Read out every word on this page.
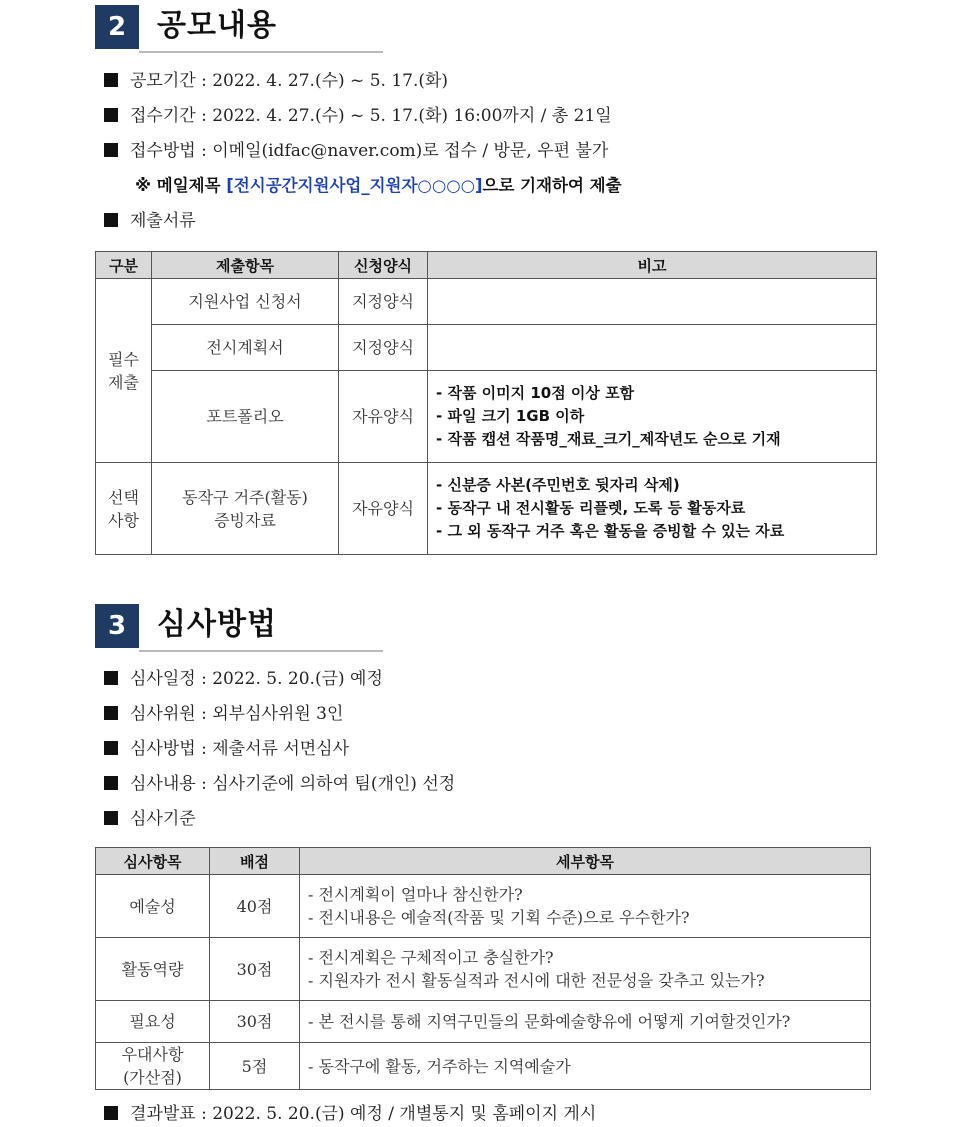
2	공모내용
공모기간 : 2022. 4. 27.(수) ~ 5. 17.(화)
접수기간 : 2022. 4. 27.(수) ~ 5. 17.(화) 16:00까지 / 총 21일
접수방법 : 이메일(idfac@naver.com)로 접수 / 방문, 우편 불가
※ 메일제목 [전시공간지원사업_지원자○○○○]으로 기재하여 제출
제출서류
구분	제출항목	신청양식	비고

필수
제출	지원사업 신청서	지정양식	
	전시계획서	지정양식	
	포트폴리오	자유양식	- 작품 이미지 10점 이상 포함
- 파일 크기 1GB 이하
- 작품 캡션 작품명_재료_크기_제작년도 순으로 기재

선택
사항	동작구 거주(활동)
증빙자료	자유양식	- 신분증 사본(주민번호 뒷자리 삭제)
- 동작구 내 전시활동 리플렛, 도록 등 활동자료
- 그 외 동작구 거주 혹은 활동을 증빙할 수 있는 자료
3	심사방법
심사일정 : 2022. 5. 20.(금) 예정
심사위원 : 외부심사위원 3인
심사방법 : 제출서류 서면심사
심사내용 : 심사기준에 의하여 팀(개인) 선정
심사기준
심사항목	배점	세부항목
예술성	40점	- 전시계획이 얼마나 참신한가?
- 전시내용은 예술적(작품 및 기획 수준)으로 우수한가?

활동역량	30점	- 전시계획은 구체적이고 충실한가?
- 지원자가 전시 활동실적과 전시에 대한 전문성을 갖추고 있는가?

필요성	30점	- 본 전시를 통해 지역구민들의 문화예술향유에 어떻게 기여할것인가?

우대사항
(가산점)	5점	- 동작구에 활동, 거주하는 지역예술가
결과발표 : 2022. 5. 20.(금) 예정 / 개별통지 및 홈페이지 게시
